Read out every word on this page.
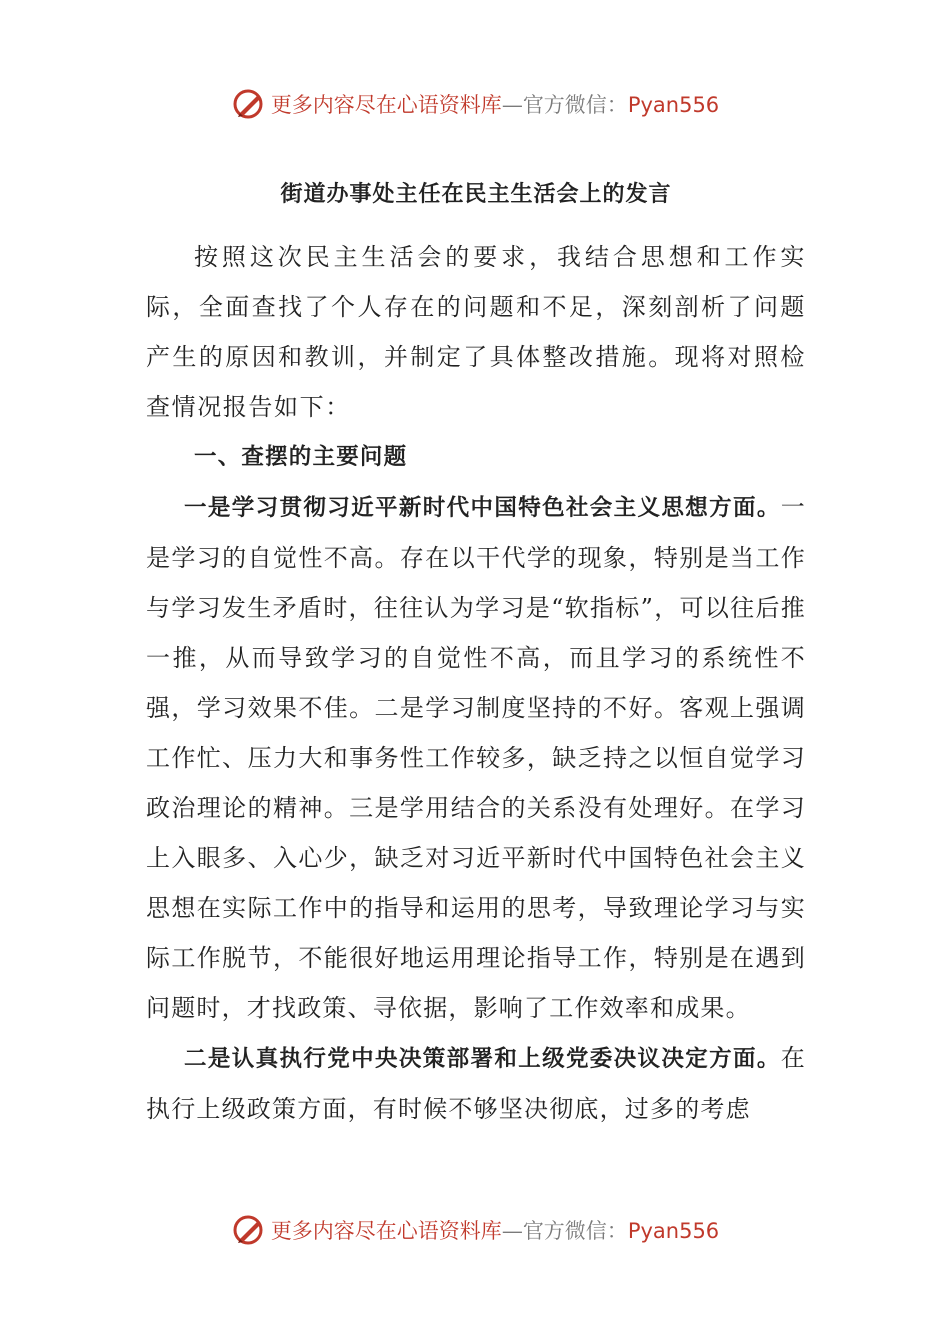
更多内容尽在心语资料库—官方微信：Pyan556
街道办事处主任在民主生活会上的发言

按照这次民主生活会的要求，我结合思想和工作实际，全面查找了个人存在的问题和不足，深刻剖析了问题产生的原因和教训，并制定了具体整改措施。现将对照检查情况报告如下：

一、查摆的主要问题

一是学习贯彻习近平新时代中国特色社会主义思想方面。一是学习的自觉性不高。存在以干代学的现象，特别是当工作与学习发生矛盾时，往往认为学习是“软指标”，可以往后推一推，从而导致学习的自觉性不高，而且学习的系统性不强，学习效果不佳。二是学习制度坚持的不好。客观上强调工作忙、压力大和事务性工作较多，缺乏持之以恒自觉学习政治理论的精神。三是学用结合的关系没有处理好。在学习上入眼多、入心少，缺乏对习近平新时代中国特色社会主义思想在实际工作中的指导和运用的思考，导致理论学习与实际工作脱节，不能很好地运用理论指导工作，特别是在遇到问题时，才找政策、寻依据，影响了工作效率和成果。

二是认真执行党中央决策部署和上级党委决议决定方面。在执行上级政策方面，有时候不够坚决彻底，过多的考虑

更多内容尽在心语资料库—官方微信：Pyan556
